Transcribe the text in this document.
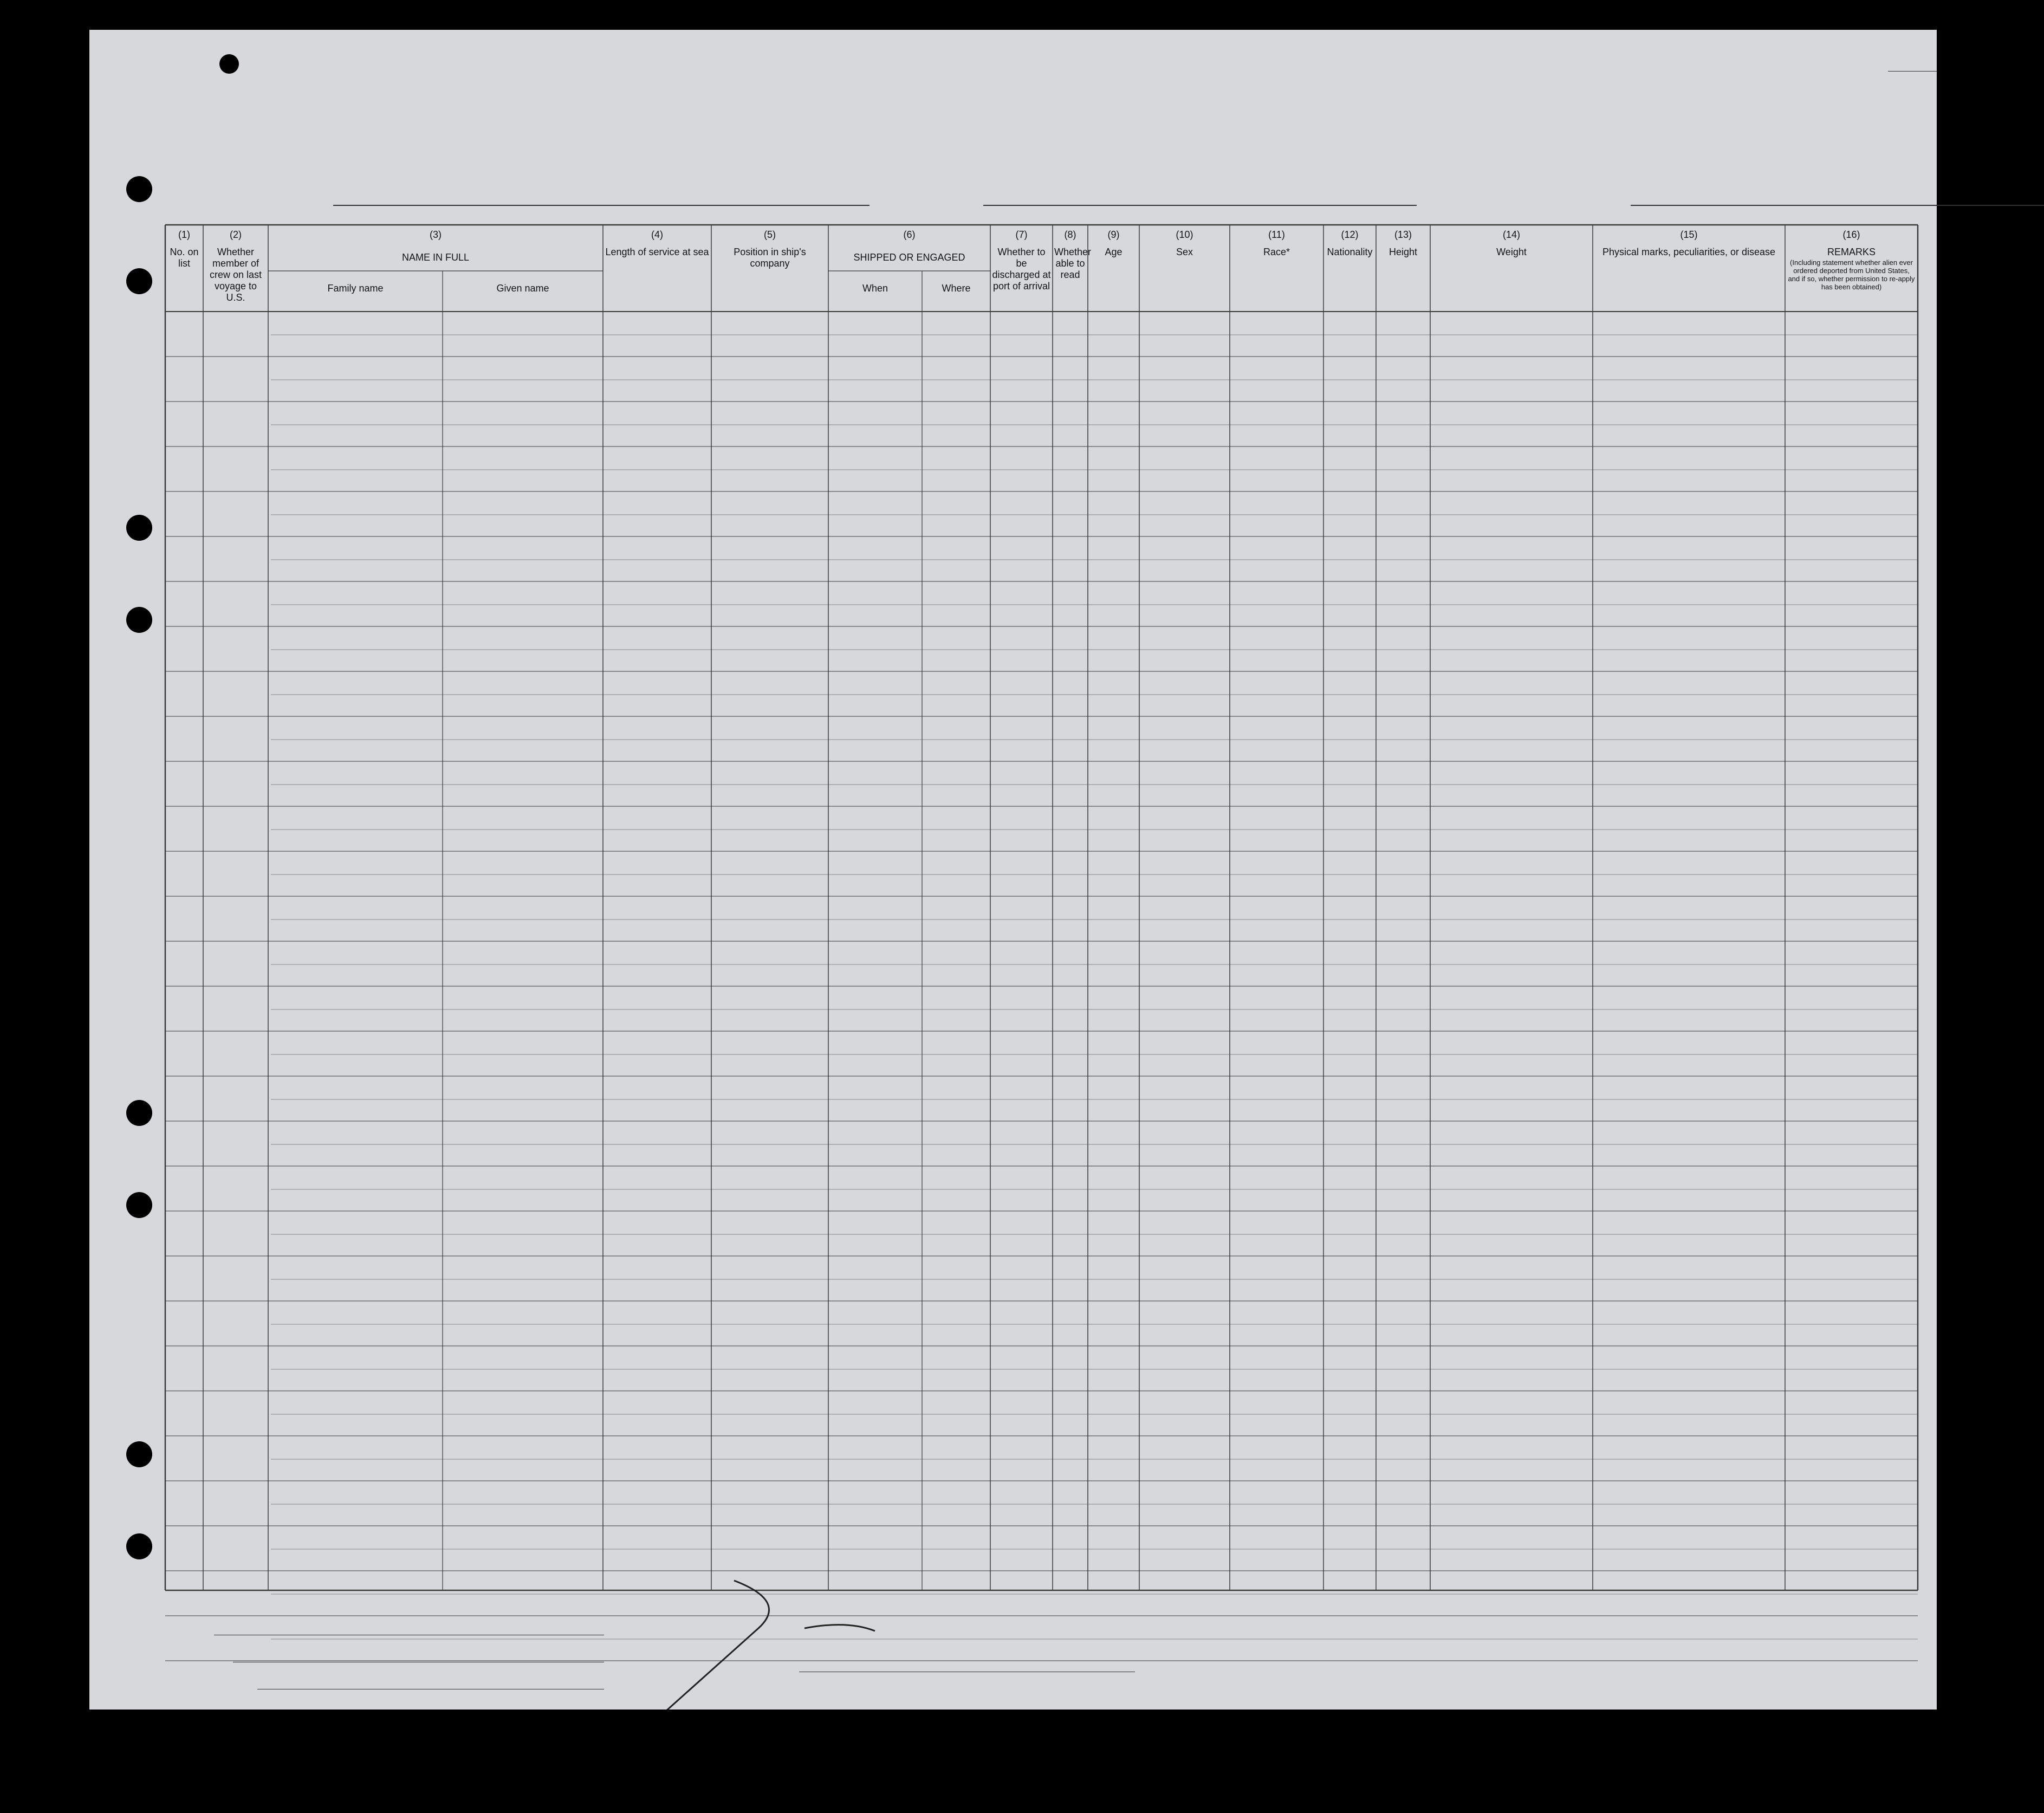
(1)
No. on list
(2)
Whether member of crew on last voyage to U.S.
(3)
NAME IN FULL
Family name	Given name
(4)
Length of service at sea
(5)
Position in ship's company
(6)
SHIPPED OR ENGAGED
When	Where
(7)
Whether to be discharged at port of arrival
(8)
Whether able to read
(9)
Age
(10)
Sex
(11)
Race*
(12)
Nationality
(13)
Height
(14)
Weight
(15)
Physical marks, peculiarities, or disease
(16)
REMARKS
(Including statement whether alien ever ordered deported from United States, and if so, whether permission to re-apply has been obtained)
